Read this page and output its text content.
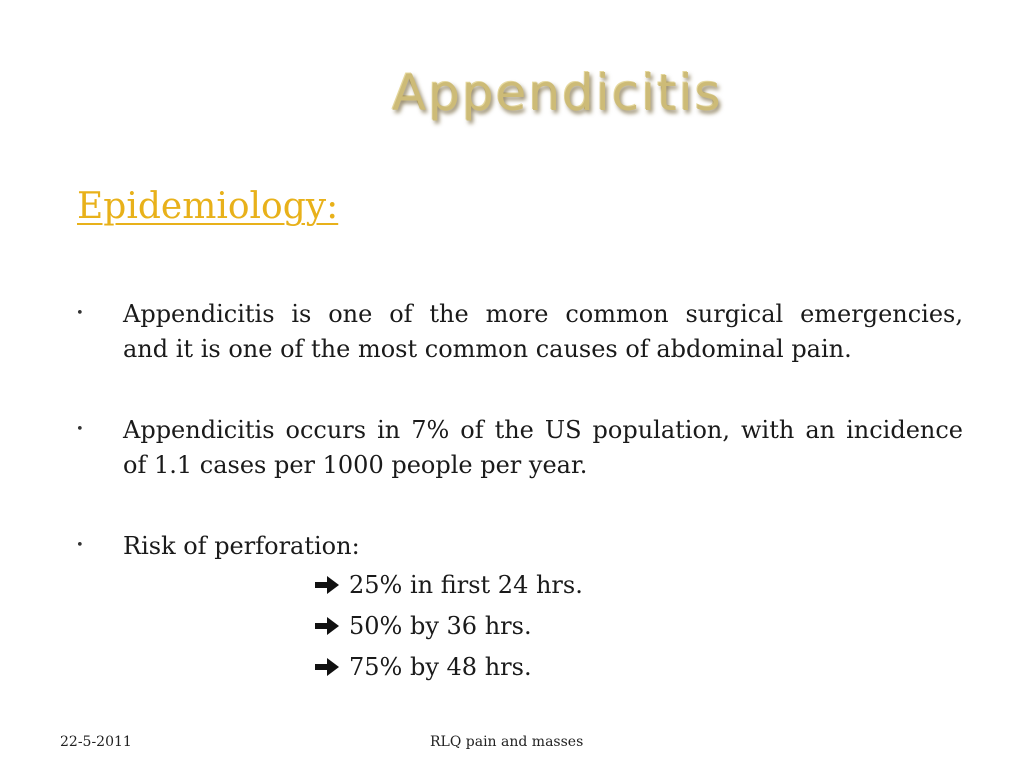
Appendicitis
Epidemiology:
• Appendicitis is one of the more common surgical emergencies,
and it is one of the most common causes of abdominal pain.
• Appendicitis occurs in 7% of the US population, with an incidence
of 1.1 cases per 1000 people per year.
• Risk of perforation:
25% in first 24 hrs.
50% by 36 hrs.
75% by 48 hrs.
22-5-2011	RLQ pain and masses
